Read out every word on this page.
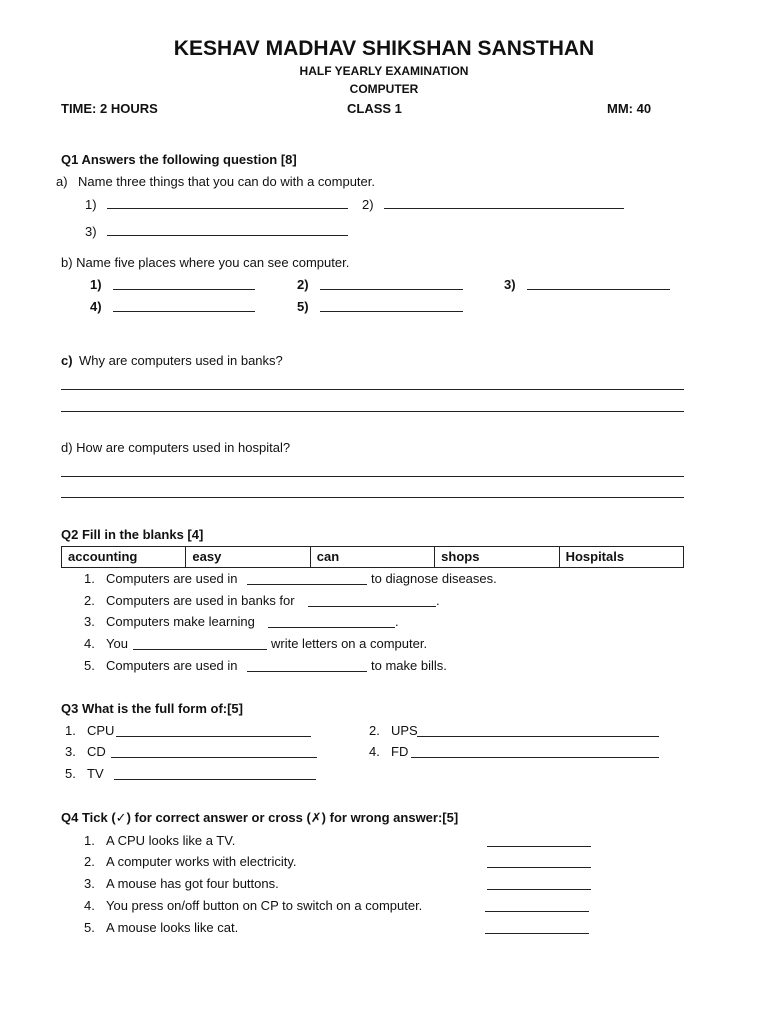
KESHAV MADHAV SHIKSHAN SANSTHAN
HALF YEARLY EXAMINATION
COMPUTER
TIME: 2 HOURS	CLASS 1	MM: 40
Q1 Answers the following question [8]
a) Name three things that you can do with a computer.
1)	2)
3)
b) Name five places where you can see computer.
1)	2)	3)
4)	5)
c) Why are computers used in banks?
d) How are computers used in hospital?
Q2 Fill in the blanks [4]
accounting	easy	can	shops	Hospitals
1. Computers are used in	to diagnose diseases.
2. Computers are used in banks for	.
3. Computers make learning	.
4. You	write letters on a computer.
5. Computers are used in	to make bills.
Q3 What is the full form of:[5]
1. CPU	2. UPS
3. CD	4. FD
5. TV
Q4 Tick (✓) for correct answer or cross (✗) for wrong answer:[5]
1. A CPU looks like a TV.
2. A computer works with electricity.
3. A mouse has got four buttons.
4. You press on/off button on CP to switch on a computer.
5. A mouse looks like cat.
